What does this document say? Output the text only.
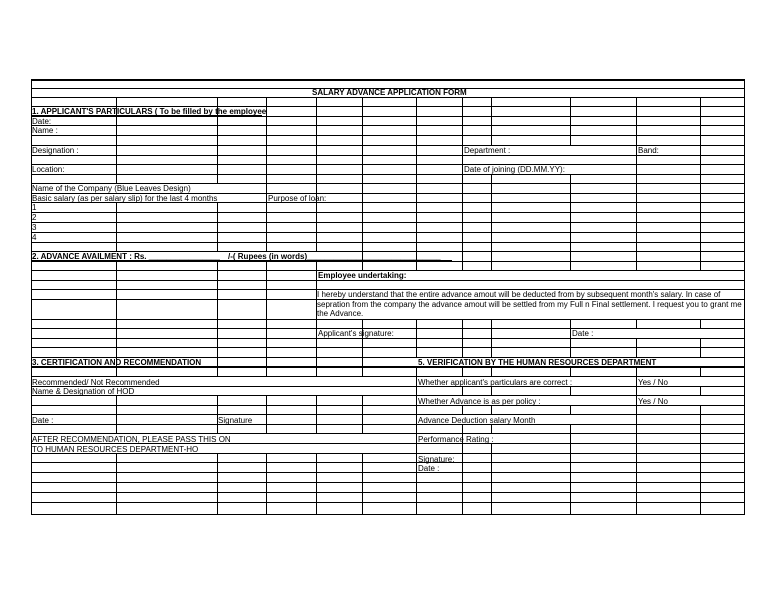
SALARY ADVANCE APPLICATION FORM
1. APPLICANT'S PARTICULARS ( To be filled by the employee
Date:
Name :
Designation :	Department :	Band:
Location:	Date of joining (DD.MM.YY):
Name of the Company (Blue Leaves Design)
Basic salary (as per salary slip) for the last 4 months	Purpose of loan:
1
2
3
4
2. ADVANCE AVAILMENT : Rs. ________________ /-( Rupees (in words)______________________________
Employee undertaking:
I hereby understand that the entire advance amout will be deducted from by subsequent month's salary. In case of sepration from the company the advance amout will be settled from my Full n Final settlement. I request you to grant me the Advance.
Applicant's signature:	Date :
3. CERTIFICATION AND RECOMMENDATION
Recommended/ Not Recommended
Name & Designation of HOD
Date :	Signature
AFTER RECOMMENDATION, PLEASE PASS THIS ON
TO HUMAN RESOURCES DEPARTMENT-HO
5. VERIFICATION BY THE HUMAN RESOURCES DEPARTMENT
Whether applicant's particulars are correct :	Yes / No
Whether Advance is as per policy :	Yes / No
Advance Deduction salary Month
Performance Rating :
Signature:
Date :
